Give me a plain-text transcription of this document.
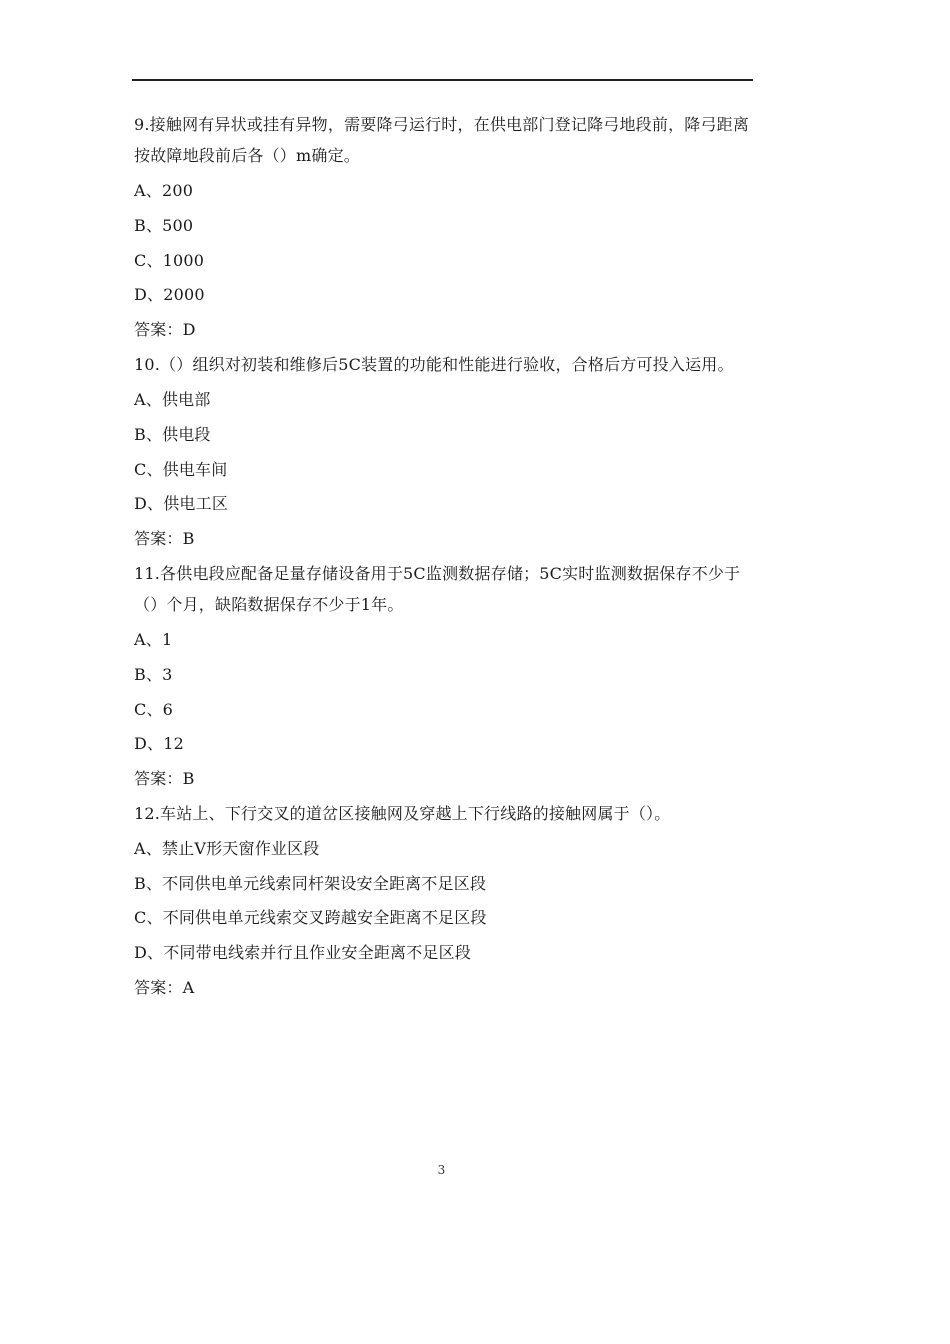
9.接触网有异状或挂有异物，需要降弓运行时，在供电部门登记降弓地段前，降弓距离按故障地段前后各（）m确定。
A、200
B、500
C、1000
D、2000
答案：D
10.（）组织对初装和维修后5C装置的功能和性能进行验收，合格后方可投入运用。
A、供电部
B、供电段
C、供电车间
D、供电工区
答案：B
11.各供电段应配备足量存储设备用于5C监测数据存储；5C实时监测数据保存不少于（）个月，缺陷数据保存不少于1年。
A、1
B、3
C、6
D、12
答案：B
12.车站上、下行交叉的道岔区接触网及穿越上下行线路的接触网属于（）。
A、禁止V形天窗作业区段
B、不同供电单元线索同杆架设安全距离不足区段
C、不同供电单元线索交叉跨越安全距离不足区段
D、不同带电线索并行且作业安全距离不足区段
答案：A
3
